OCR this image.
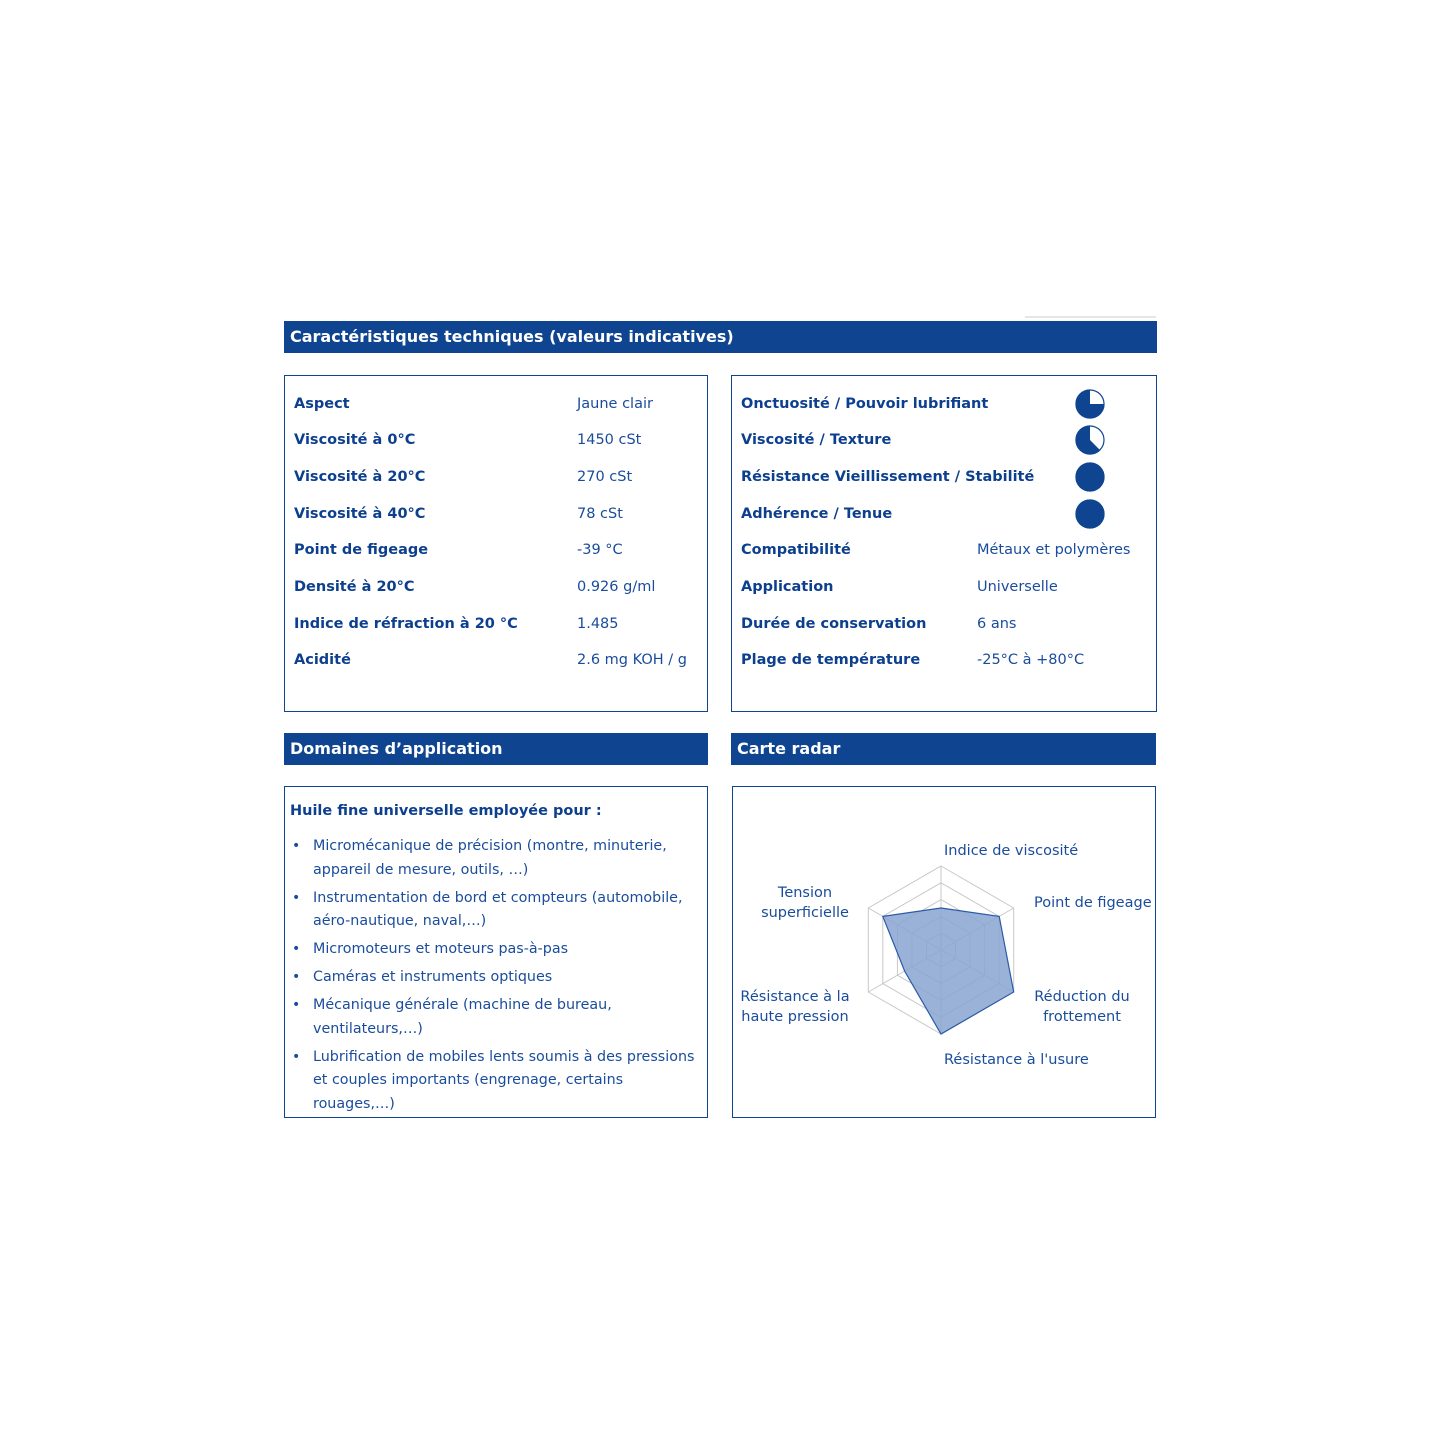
Caractéristiques techniques (valeurs indicatives)
Aspect	Jaune clair
Viscosité à 0°C	1450 cSt
Viscosité à 20°C	270 cSt
Viscosité à 40°C	78 cSt
Point de figeage	-39 °C
Densité à 20°C	0.926 g/ml
Indice de réfraction à 20 °C	1.485
Acidité	2.6 mg KOH / g
Onctuosité / Pouvoir lubrifiant
Viscosité / Texture
Résistance Vieillissement / Stabilité
Adhérence / Tenue
Compatibilité	Métaux et polymères
Application	Universelle
Durée de conservation	6 ans
Plage de température	-25°C à +80°C
Domaines d’application	Carte radar
Huile fine universelle employée pour :
• Micromécanique de précision (montre, minuterie, appareil de mesure, outils, …)
• Instrumentation de bord et compteurs (automobile, aéro-nautique, naval,…)
• Micromoteurs et moteurs pas-à-pas
• Caméras et instruments optiques
• Mécanique générale (machine de bureau, ventilateurs,…)
• Lubrification de mobiles lents soumis à des pressions et couples importants (engrenage, certains rouages,…)
Indice de viscosité
Point de figeage
Réduction du frottement
Résistance à l'usure
Résistance à la haute pression
Tension superficielle
